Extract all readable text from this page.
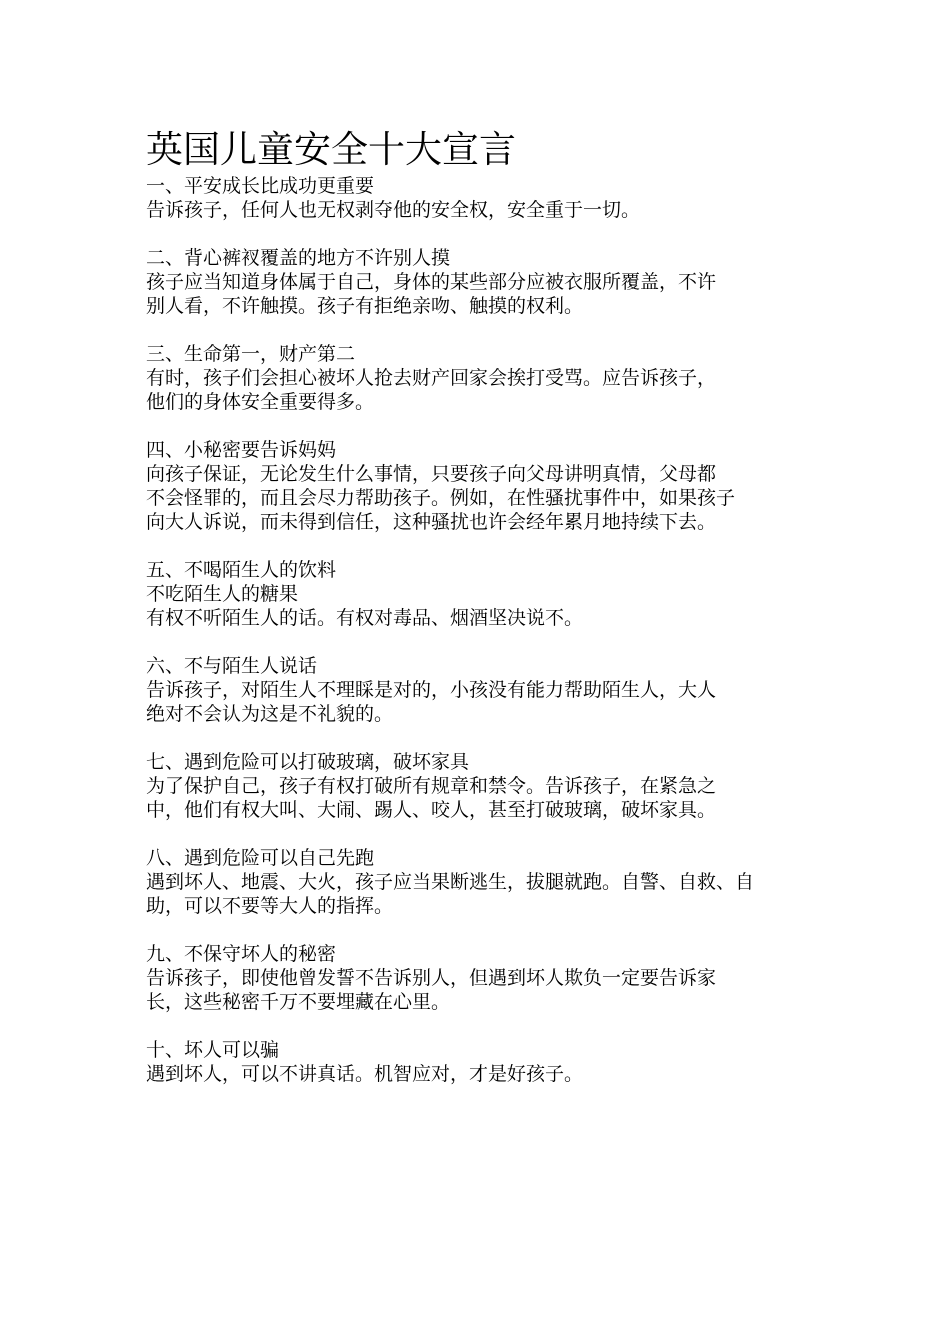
英国儿童安全十大宣言

一、平安成长比成功更重要

告诉孩子，任何人也无权剥夺他的安全权，安全重于一切。

二、背心裤衩覆盖的地方不许别人摸

孩子应当知道身体属于自己，身体的某些部分应被衣服所覆盖，不许

别人看，不许触摸。孩子有拒绝亲吻、触摸的权利。

三、生命第一，财产第二

有时，孩子们会担心被坏人抢去财产回家会挨打受骂。应告诉孩子，

他们的身体安全重要得多。

四、小秘密要告诉妈妈

向孩子保证，无论发生什么事情，只要孩子向父母讲明真情，父母都

不会怪罪的，而且会尽力帮助孩子。例如，在性骚扰事件中，如果孩子

向大人诉说，而未得到信任，这种骚扰也许会经年累月地持续下去。

五、不喝陌生人的饮料

不吃陌生人的糖果

有权不听陌生人的话。有权对毒品、烟酒坚决说不。

六、不与陌生人说话

告诉孩子，对陌生人不理睬是对的，小孩没有能力帮助陌生人，大人

绝对不会认为这是不礼貌的。

七、遇到危险可以打破玻璃，破坏家具

为了保护自己，孩子有权打破所有规章和禁令。告诉孩子，在紧急之

中，他们有权大叫、大闹、踢人、咬人，甚至打破玻璃，破坏家具。

八、遇到危险可以自己先跑

遇到坏人、地震、大火，孩子应当果断逃生，拔腿就跑。自警、自救、自

助，可以不要等大人的指挥。

九、不保守坏人的秘密

告诉孩子，即使他曾发誓不告诉别人，但遇到坏人欺负一定要告诉家

长，这些秘密千万不要埋藏在心里。

十、坏人可以骗

遇到坏人，可以不讲真话。机智应对，才是好孩子。
